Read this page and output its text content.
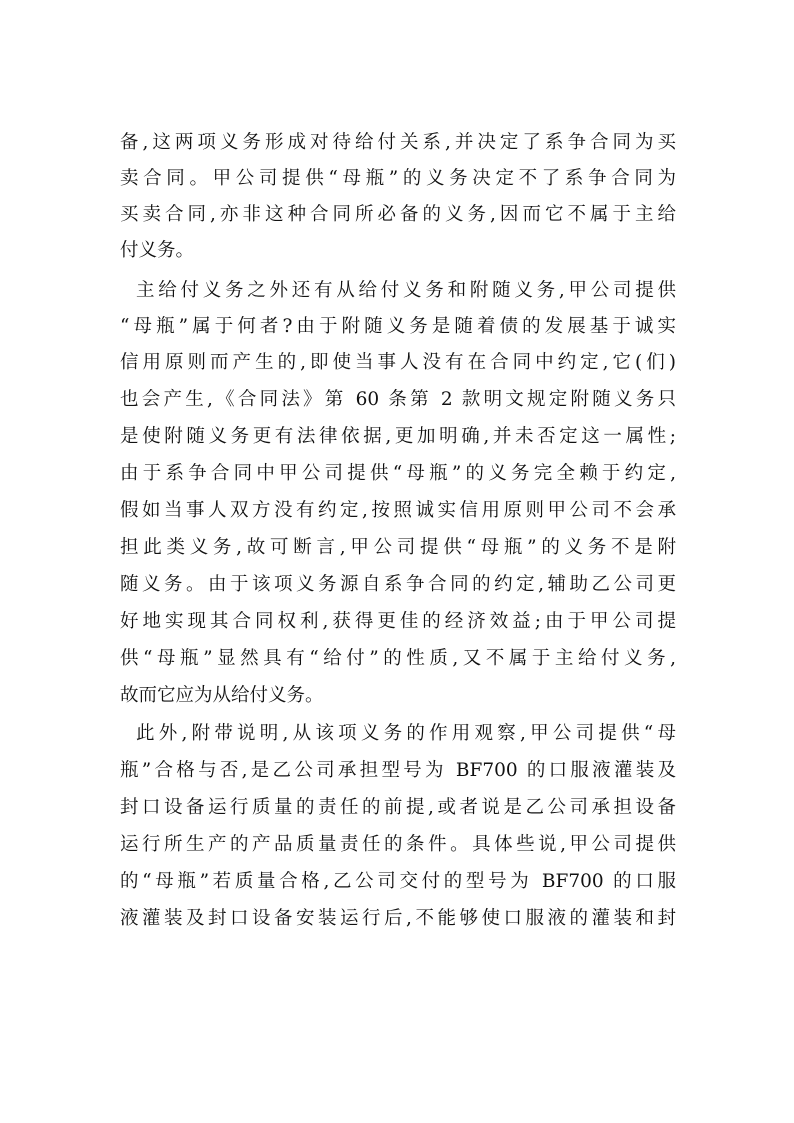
备,这两项义务形成对待给付关系,并决定了系争合同为买
卖合同。甲公司提供“母瓶”的义务决定不了系争合同为
买卖合同,亦非这种合同所必备的义务,因而它不属于主给
付义务。
主给付义务之外还有从给付义务和附随义务,甲公司提供
“母瓶”属于何者?由于附随义务是随着债的发展基于诚实
信用原则而产生的,即使当事人没有在合同中约定,它(们)
也会产生,《合同法》第 60 条第 2 款明文规定附随义务只
是使附随义务更有法律依据,更加明确,并未否定这一属性;
由于系争合同中甲公司提供“母瓶”的义务完全赖于约定,
假如当事人双方没有约定,按照诚实信用原则甲公司不会承
担此类义务,故可断言,甲公司提供“母瓶”的义务不是附
随义务。由于该项义务源自系争合同的约定,辅助乙公司更
好地实现其合同权利,获得更佳的经济效益;由于甲公司提
供“母瓶”显然具有“给付”的性质,又不属于主给付义务,
故而它应为从给付义务。
此外,附带说明,从该项义务的作用观察,甲公司提供“母
瓶”合格与否,是乙公司承担型号为 BF700 的口服液灌装及
封口设备运行质量的责任的前提,或者说是乙公司承担设备
运行所生产的产品质量责任的条件。具体些说,甲公司提供
的“母瓶”若质量合格,乙公司交付的型号为 BF700 的口服
液灌装及封口设备安装运行后,不能够使口服液的灌装和封
